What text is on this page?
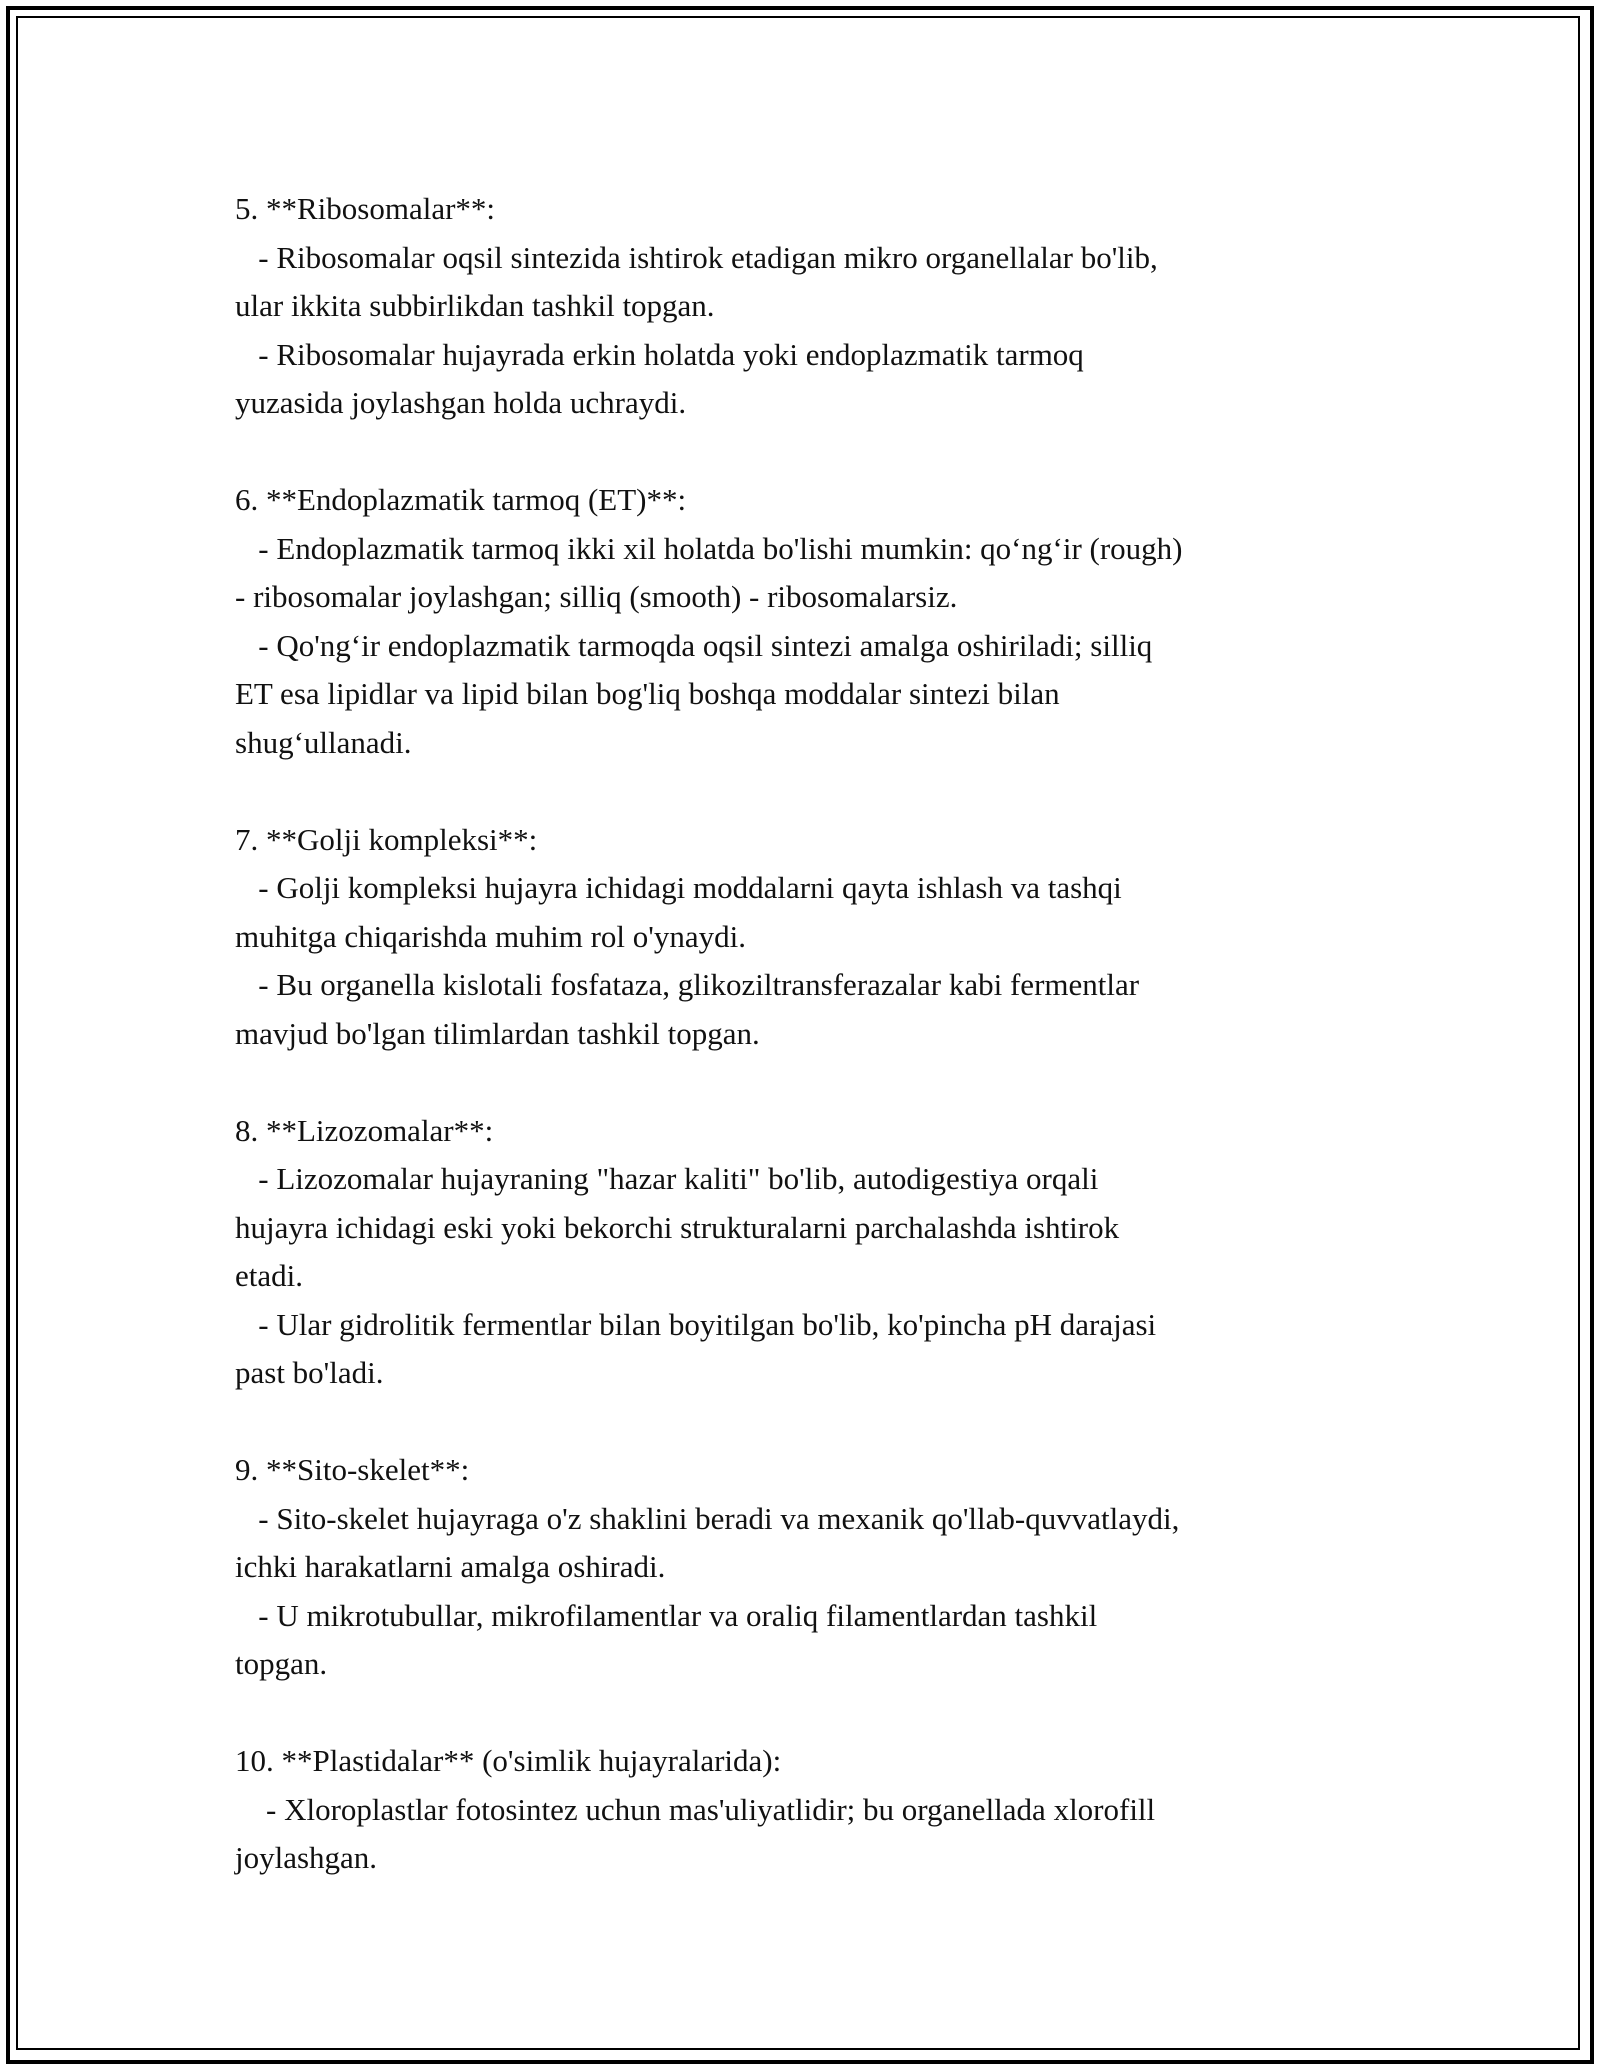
5. **Ribosomalar**:

- Ribosomalar oqsil sintezida ishtirok etadigan mikro organellalar bo'lib,
ular ikkita subbirlikdan tashkil topgan.

- Ribosomalar hujayrada erkin holatda yoki endoplazmatik tarmoq
yuzasida joylashgan holda uchraydi.

6. **Endoplazmatik tarmoq (ET)**:

- Endoplazmatik tarmoq ikki xil holatda bo'lishi mumkin: qo‘ng‘ir (rough)
- ribosomalar joylashgan; silliq (smooth) - ribosomalarsiz.

- Qo'ng‘ir endoplazmatik tarmoqda oqsil sintezi amalga oshiriladi; silliq
ET esa lipidlar va lipid bilan bog'liq boshqa moddalar sintezi bilan
shug‘ullanadi.

7. **Golji kompleksi**:

- Golji kompleksi hujayra ichidagi moddalarni qayta ishlash va tashqi
muhitga chiqarishda muhim rol o'ynaydi.

- Bu organella kislotali fosfataza, glikoziltransferazalar kabi fermentlar
mavjud bo'lgan tilimlardan tashkil topgan.

8. **Lizozomalar**:

- Lizozomalar hujayraning "hazar kaliti" bo'lib, autodigestiya orqali
hujayra ichidagi eski yoki bekorchi strukturalarni parchalashda ishtirok
etadi.

- Ular gidrolitik fermentlar bilan boyitilgan bo'lib, ko'pincha pH darajasi
past bo'ladi.

9. **Sito-skelet**:

- Sito-skelet hujayraga o'z shaklini beradi va mexanik qo'llab-quvvatlaydi,
ichki harakatlarni amalga oshiradi.

- U mikrotubullar, mikrofilamentlar va oraliq filamentlardan tashkil
topgan.

10. **Plastidalar** (o'simlik hujayralarida):

- Xloroplastlar fotosintez uchun mas'uliyatlidir; bu organellada xlorofill
joylashgan.
